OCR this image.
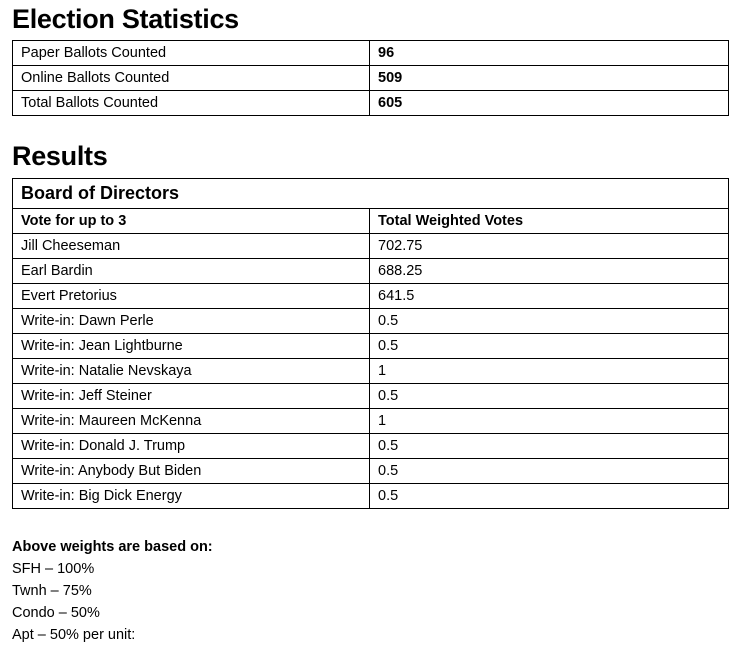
Election Statistics
Paper Ballots Counted	96
Online Ballots Counted	509
Total Ballots Counted	605
Results
Board of Directors	
Vote for up to 3	Total Weighted Votes
Jill Cheeseman	702.75
Earl Bardin	688.25
Evert Pretorius	641.5
Write-in: Dawn Perle	0.5
Write-in: Jean Lightburne	0.5
Write-in: Natalie Nevskaya	1
Write-in: Jeff Steiner	0.5
Write-in: Maureen McKenna	1
Write-in: Donald J. Trump	0.5
Write-in: Anybody But Biden	0.5
Write-in: Big Dick Energy	0.5
Above weights are based on:
SFH – 100%
Twnh – 75%
Condo – 50%
Apt – 50% per unit:
